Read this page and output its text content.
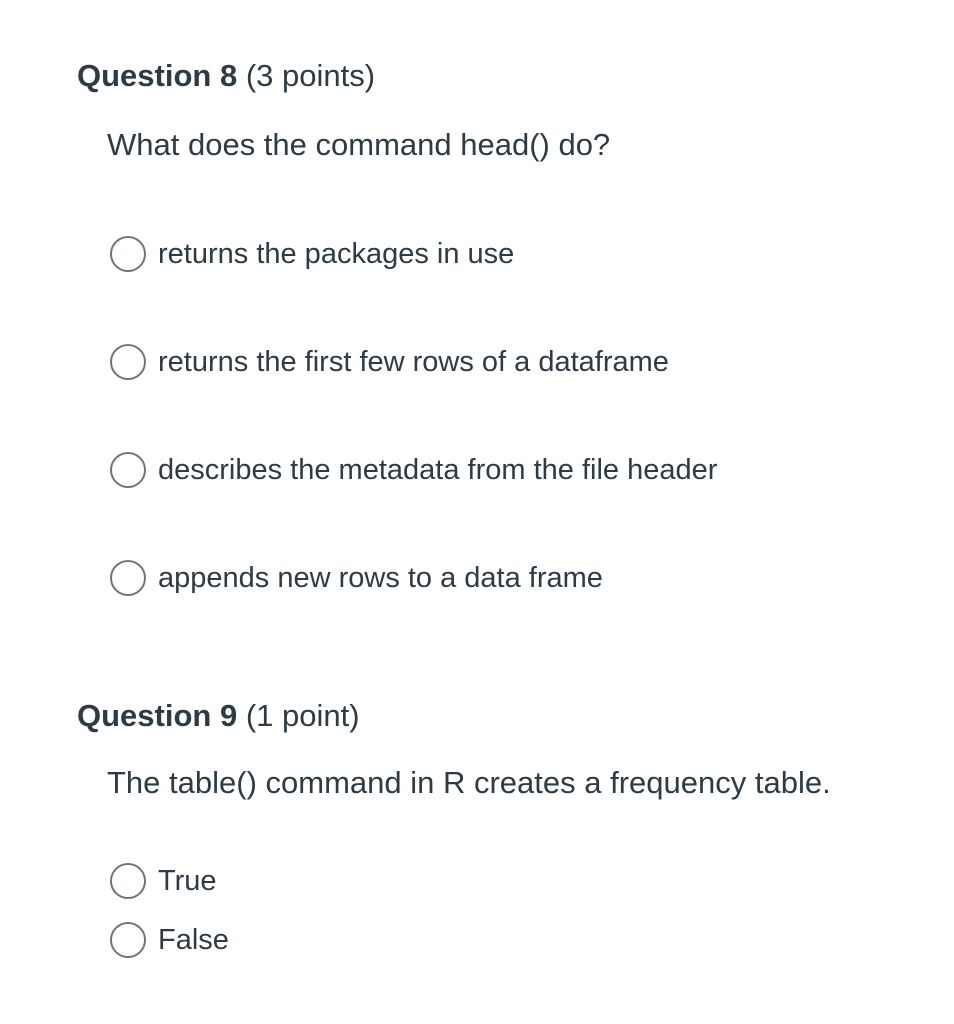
Question 8 (3 points)
What does the command head() do?
returns the packages in use
returns the first few rows of a dataframe
describes the metadata from the file header
appends new rows to a data frame
Question 9 (1 point)
The table() command in R creates a frequency table.
True
False
